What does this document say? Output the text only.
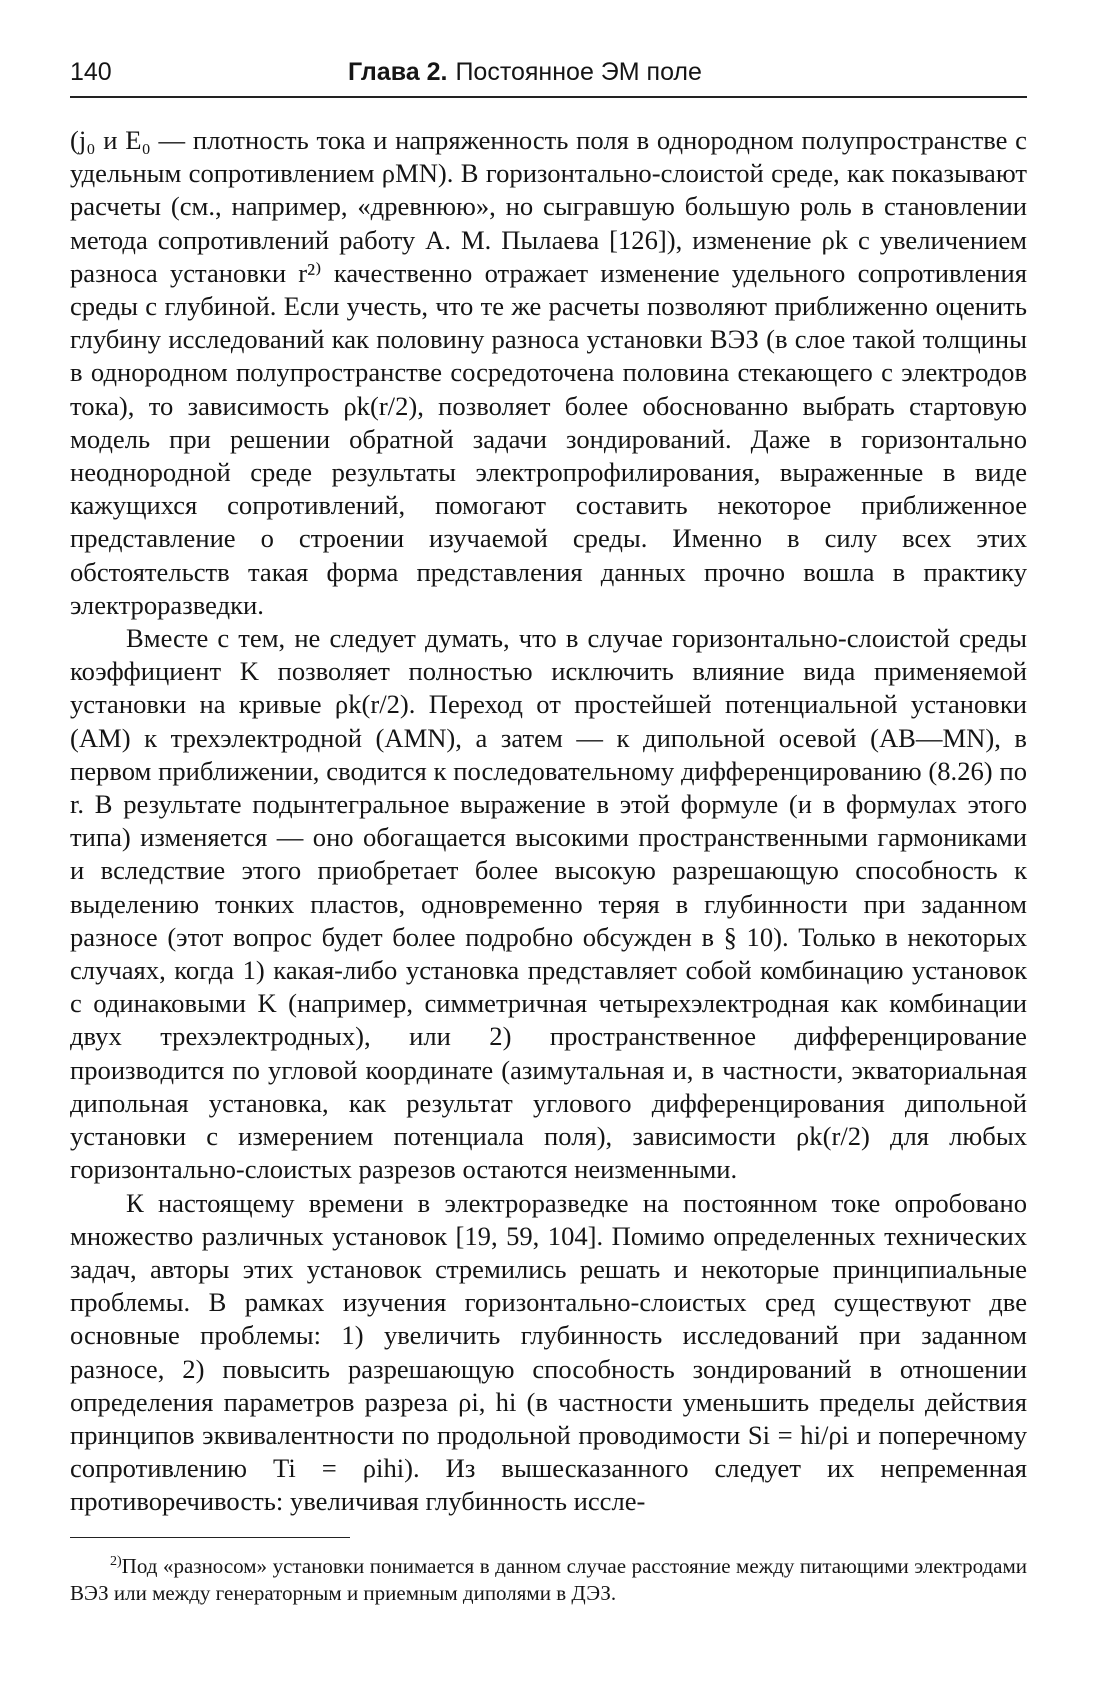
140	Глава 2. Постоянное ЭМ поле

(j₀ и E₀ — плотность тока и напряженность поля в однородном полупространстве с удельным сопротивлением ρMN). В горизонтально-слоистой среде, как показывают расчеты (см., например, «древнюю», но сыгравшую большую роль в становлении метода сопротивлений работу А. М. Пылаева [126]), изменение ρk с увеличением разноса установки r²⁾ качественно отражает изменение удельного сопротивления среды с глубиной. Если учесть, что те же расчеты позволяют приближенно оценить глубину исследований как половину разноса установки ВЭЗ (в слое такой толщины в однородном полупространстве сосредоточена половина стекающего с электродов тока), то зависимость ρk(r/2), позволяет более обоснованно выбрать стартовую модель при решении обратной задачи зондирований. Даже в горизонтально неоднородной среде результаты электропрофилирования, выраженные в виде кажущихся сопротивлений, помогают составить некоторое приближенное представление о строении изучаемой среды. Именно в силу всех этих обстоятельств такая форма представления данных прочно вошла в практику электроразведки.

Вместе с тем, не следует думать, что в случае горизонтально-слоистой среды коэффициент K позволяет полностью исключить влияние вида применяемой установки на кривые ρk(r/2). Переход от простейшей потенциальной установки (AM) к трехэлектродной (AMN), а затем — к дипольной осевой (AB—MN), в первом приближении, сводится к последовательному дифференцированию (8.26) по r. В результате подынтегральное выражение в этой формуле (и в формулах этого типа) изменяется — оно обогащается высокими пространственными гармониками и вследствие этого приобретает более высокую разрешающую способность к выделению тонких пластов, одновременно теряя в глубинности при заданном разносе (этот вопрос будет более подробно обсужден в § 10). Только в некоторых случаях, когда 1) какая-либо установка представляет собой комбинацию установок с одинаковыми K (например, симметричная четырехэлектродная как комбинации двух трехэлектродных), или 2) пространственное дифференцирование производится по угловой координате (азимутальная и, в частности, экваториальная дипольная установка, как результат углового дифференцирования дипольной установки с измерением потенциала поля), зависимости ρk(r/2) для любых горизонтально-слоистых разрезов остаются неизменными.

К настоящему времени в электроразведке на постоянном токе опробовано множество различных установок [19, 59, 104]. Помимо определенных технических задач, авторы этих установок стремились решать и некоторые принципиальные проблемы. В рамках изучения горизонтально-слоистых сред существуют две основные проблемы: 1) увеличить глубинность исследований при заданном разносе, 2) повысить разрешающую способность зондирований в отношении определения параметров разреза ρi, hi (в частности уменьшить пределы действия принципов эквивалентности по продольной проводимости Si = hi/ρi и поперечному сопротивлению Ti = ρihi). Из вышесказанного следует их непременная противоречивость: увеличивая глубинность иссле-

$^{2)}$Под «разносом» установки понимается в данном случае расстояние между питающими электродами ВЭЗ или между генераторным и приемным диполями в ДЭЗ.
